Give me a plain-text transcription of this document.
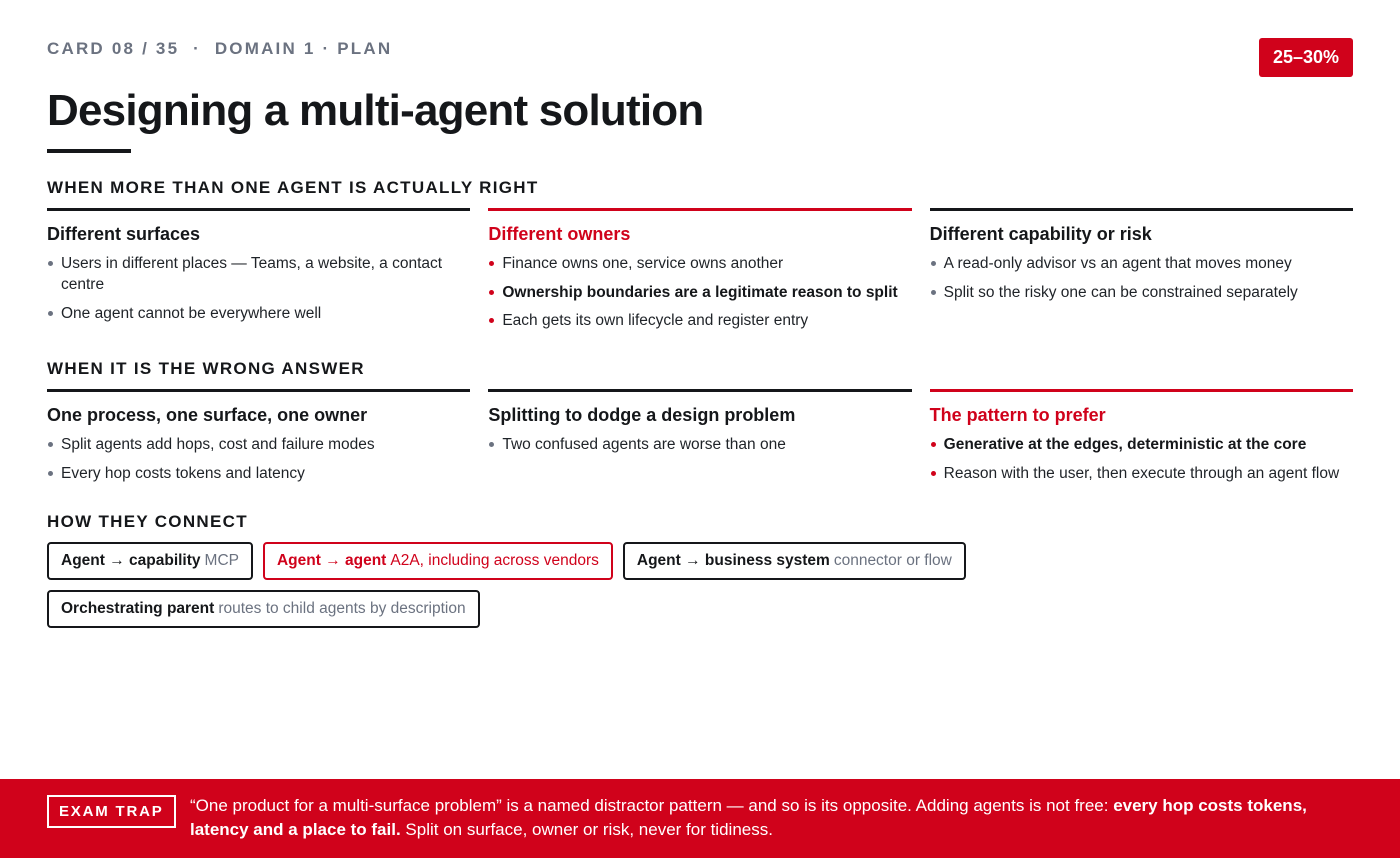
CARD 08 / 35 · DOMAIN 1 · PLAN	25–30%
Designing a multi-agent solution
WHEN MORE THAN ONE AGENT IS ACTUALLY RIGHT
Different surfaces
Users in different places — Teams, a website, a contact centre
One agent cannot be everywhere well
Different owners
Finance owns one, service owns another
Ownership boundaries are a legitimate reason to split
Each gets its own lifecycle and register entry
Different capability or risk
A read-only advisor vs an agent that moves money
Split so the risky one can be constrained separately
WHEN IT IS THE WRONG ANSWER
One process, one surface, one owner
Split agents add hops, cost and failure modes
Every hop costs tokens and latency
Splitting to dodge a design problem
Two confused agents are worse than one
The pattern to prefer
Generative at the edges, deterministic at the core
Reason with the user, then execute through an agent flow
HOW THEY CONNECT
Agent → capability MCP Agent → agent A2A, including across vendors Agent → business system connector or flow
Orchestrating parent routes to child agents by description
EXAM TRAP	“One product for a multi-surface problem” is a named distractor pattern — and so is its opposite. Adding agents is not free: every hop costs tokens, latency and a place to fail. Split on surface, owner or risk, never for tidiness.
